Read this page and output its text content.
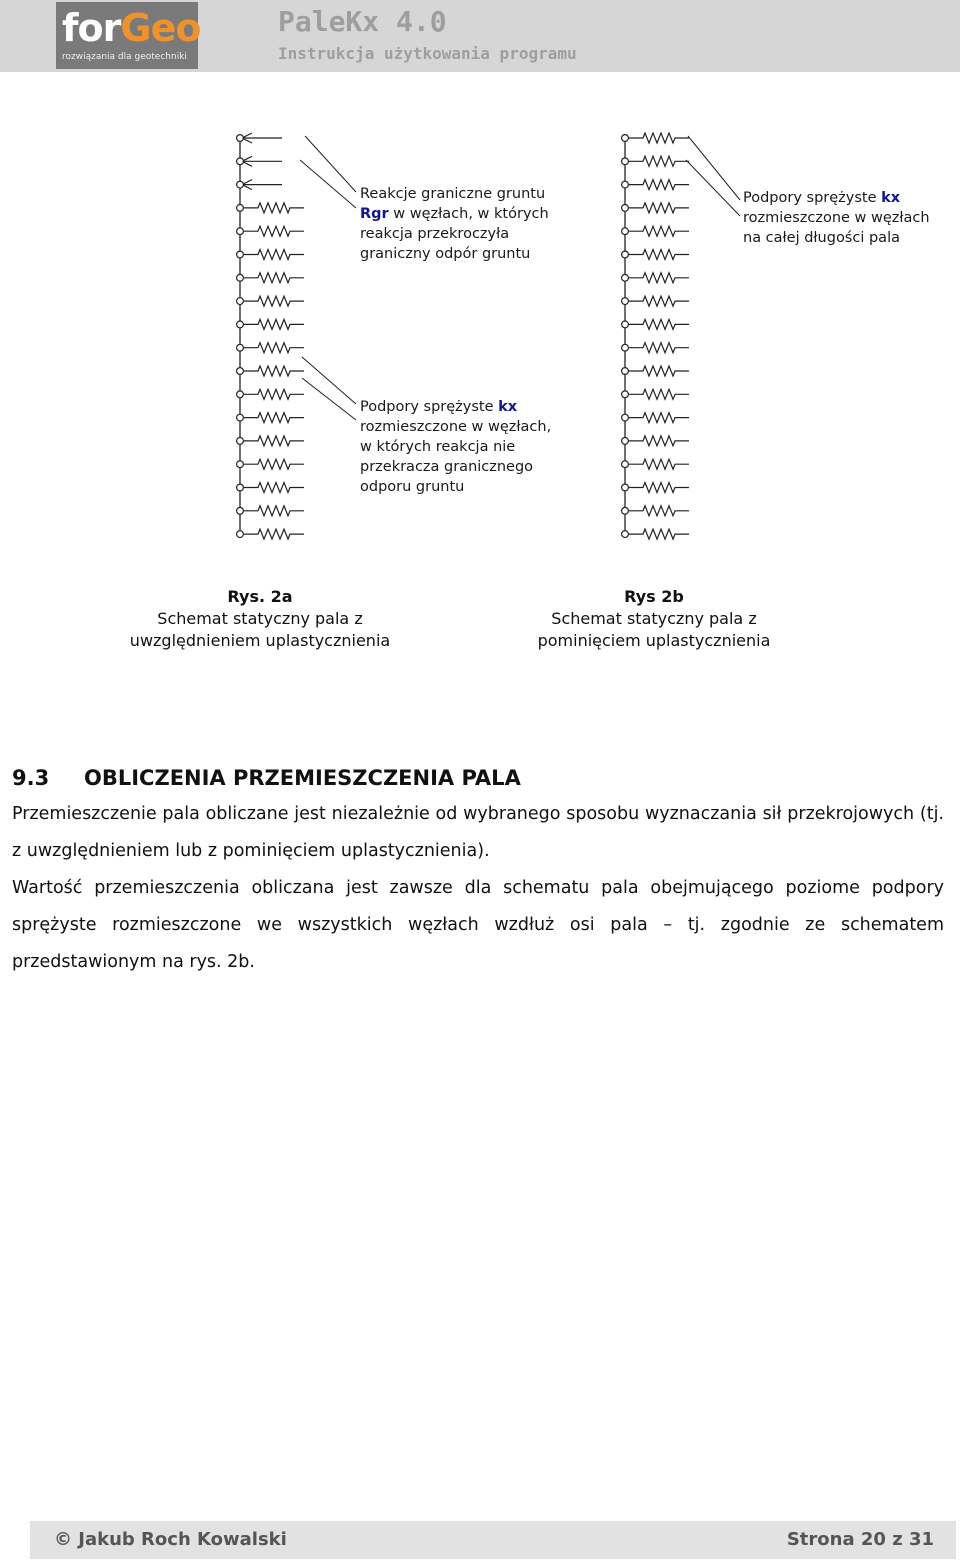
forGeo
rozwiązania dla geotechniki
PaleKx 4.0
Instrukcja użytkowania programu
Reakcje graniczne gruntu
Rgr w węzłach, w których
reakcja przekroczyła
graniczny odpór gruntu
Podpory sprężyste kx
rozmieszczone w węzłach,
w których reakcja nie
przekracza granicznego
odporu gruntu
Podpory sprężyste kx
rozmieszczone w węzłach
na całej długości pala
Rys. 2a
Schemat statyczny pala z
uwzględnieniem uplastycznienia
Rys 2b
Schemat statyczny pala z
pominięciem uplastycznienia
9.3 OBLICZENIA PRZEMIESZCZENIA PALA

Przemieszczenie pala obliczane jest niezależnie od wybranego sposobu wyznaczania sił przekrojowych (tj. z uwzględnieniem lub z pominięciem uplastycznienia).

Wartość przemieszczenia obliczana jest zawsze dla schematu pala obejmującego poziome podpory sprężyste rozmieszczone we wszystkich węzłach wzdłuż osi pala – tj. zgodnie ze schematem przedstawionym na rys. 2b.

© Jakub Roch Kowalski	Strona 20 z 31
